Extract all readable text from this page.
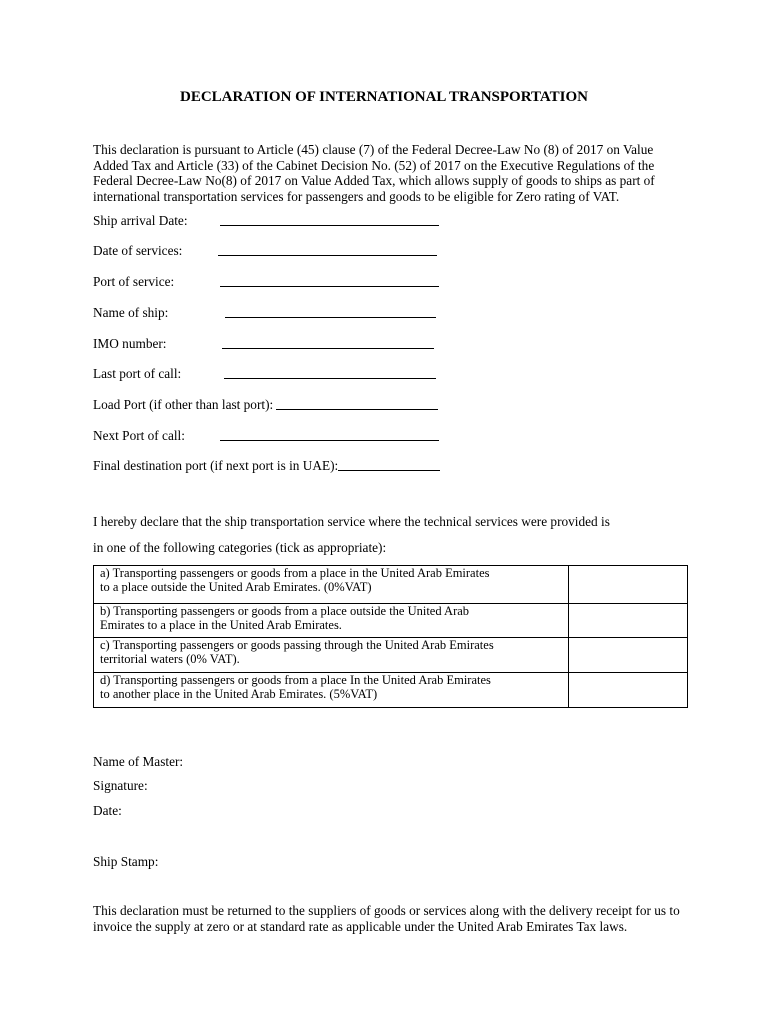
DECLARATION OF INTERNATIONAL TRANSPORTATION
This declaration is pursuant to Article (45) clause (7) of the Federal Decree-Law No (8) of 2017 on Value
Added Tax and Article (33) of the Cabinet Decision No. (52) of 2017 on the Executive Regulations of the
Federal Decree-Law No(8) of 2017 on Value Added Tax, which allows supply of goods to ships as part of
international transportation services for passengers and goods to be eligible for Zero rating of VAT.
Ship arrival Date:
Date of services:
Port of service:
Name of ship:
IMO number:
Last port of call:
Load Port (if other than last port):
Next Port of call:
Final destination port (if next port is in UAE):
I hereby declare that the ship transportation service where the technical services were provided is
in one of the following categories (tick as appropriate):
a) Transporting passengers or goods from a place in the United Arab Emirates
to a place outside the United Arab Emirates. (0%VAT)	

b) Transporting passengers or goods from a place outside the United Arab
Emirates to a place in the United Arab Emirates.	

c) Transporting passengers or goods passing through the United Arab Emirates
territorial waters (0% VAT).	

d) Transporting passengers or goods from a place In the United Arab Emirates
to another place in the United Arab Emirates. (5%VAT)	

Name of Master:
Signature:
Date:
Ship Stamp:
This declaration must be returned to the suppliers of goods or services along with the delivery receipt for us to
invoice the supply at zero or at standard rate as applicable under the United Arab Emirates Tax laws.
